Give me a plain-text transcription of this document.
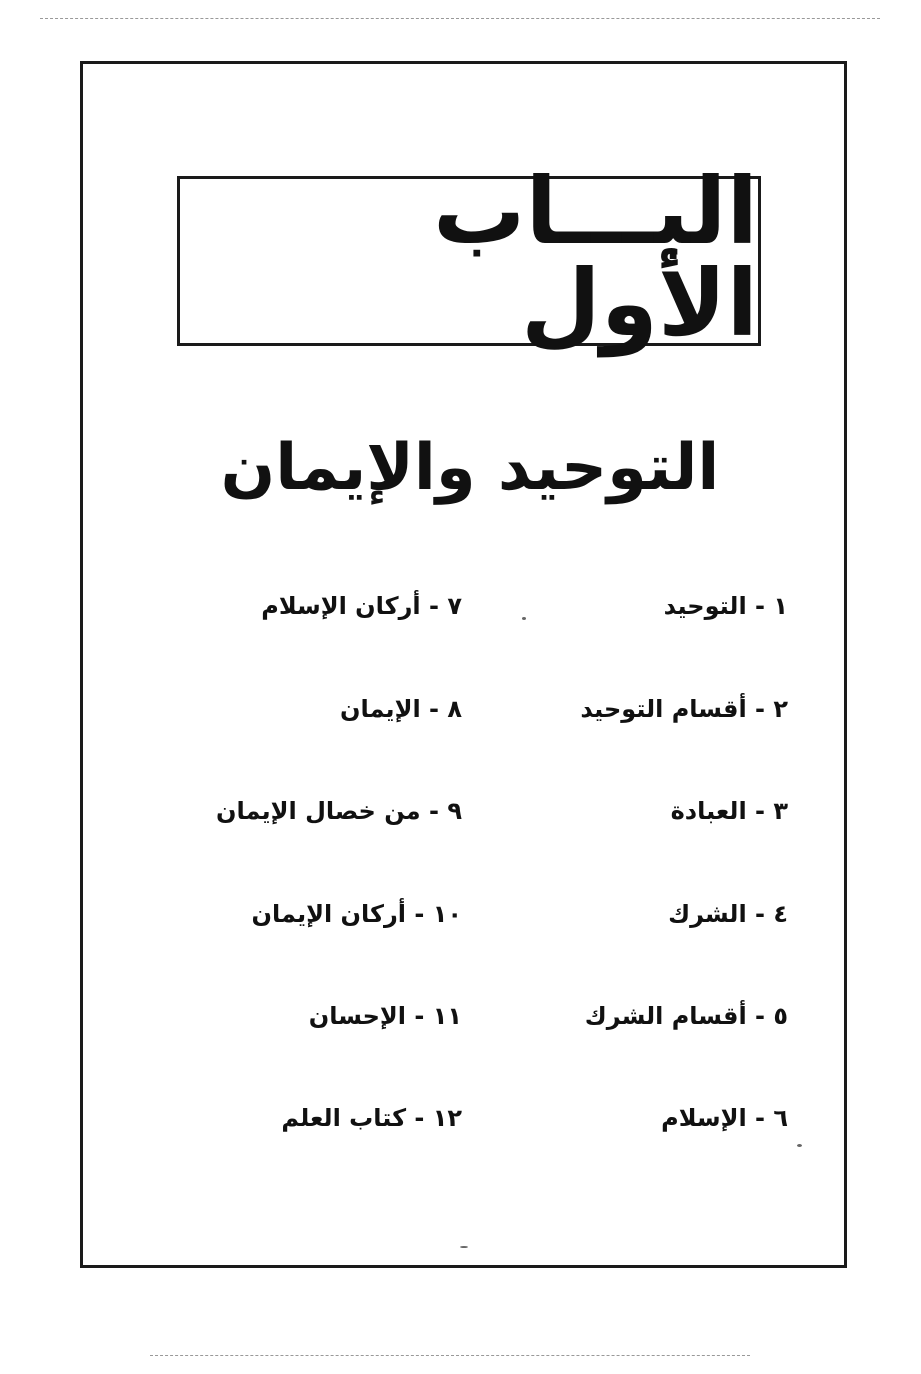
البـــاب الأول
التوحيد والإيمان
١ - التوحيد
٢ - أقسام التوحيد
٣ - العبادة
٤ - الشرك
٥ - أقسام الشرك
٦ - الإسلام
٧ - أركان الإسلام
٨ - الإيمان
٩ - من خصال الإيمان
١٠ - أركان الإيمان
١١ - الإحسان
١٢ - كتاب العلم
